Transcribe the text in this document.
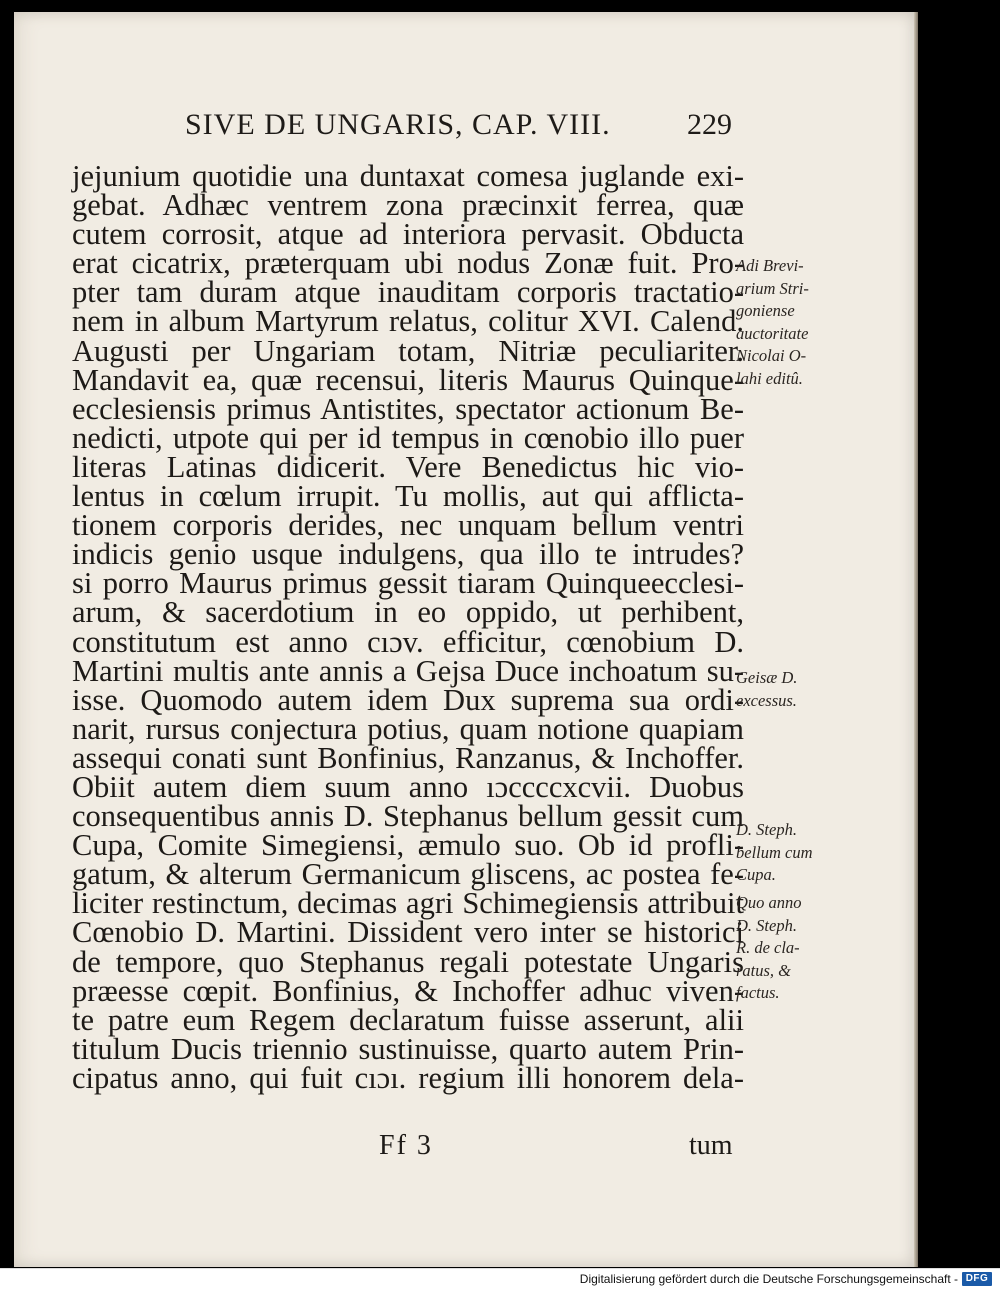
SIVE DE UNGARIS, CAP. VIII.	229
jejunium quotidie una duntaxat comesa juglande exi-
gebat. Adhæc ventrem zona præcinxit ferrea, quæ
cutem corrosit, atque ad interiora pervasit. Obducta
erat cicatrix, præterquam ubi nodus Zonæ fuit. Pro-
pter tam duram atque inauditam corporis tractatio-
nem in album Martyrum relatus, colitur XVI. Calend.
Augusti per Ungariam totam, Nitriæ peculiariter.
Mandavit ea, quæ recensui, literis Maurus Quinque-
ecclesiensis primus Antistites, spectator actionum Be-
nedicti, utpote qui per id tempus in cœnobio illo puer
literas Latinas didicerit. Vere Benedictus hic vio-
lentus in cœlum irrupit. Tu mollis, aut qui afflicta-
tionem corporis derides, nec unquam bellum ventri
indicis genio usque indulgens, qua illo te intrudes?
si porro Maurus primus gessit tiaram Quinqueecclesi-
arum, & sacerdotium in eo oppido, ut perhibent,
constitutum est anno cıɔv. efficitur, cœnobium D.
Martini multis ante annis a Gejsa Duce inchoatum su-
isse. Quomodo autem idem Dux suprema sua ordi-
narit, rursus conjectura potius, quam notione quapiam
assequi conati sunt Bonfinius, Ranzanus, & Inchoffer.
Obiit autem diem suum anno ıɔccccxcvii. Duobus
consequentibus annis D. Stephanus bellum gessit cum
Cupa, Comite Simegiensi, æmulo suo. Ob id profli-
gatum, & alterum Germanicum gliscens, ac postea fe-
liciter restinctum, decimas agri Schimegiensis attribuit
Cœnobio D. Martini. Dissident vero inter se historici
de tempore, quo Stephanus regali potestate Ungaris
præesse cœpit. Bonfinius, & Inchoffer adhuc viven-
te patre eum Regem declaratum fuisse asserunt, alii
titulum Ducis triennio sustinuisse, quarto autem Prin-
cipatus anno, qui fuit cıɔı. regium illi honorem dela-
Adi Brevi-
arium Stri-
goniense
auctoritate
Nicolai O-
lahi editû.
Geisæ D.
excessus.
D. Steph.
bellum cum
Cupa.
Quo anno
D. Steph.
R. de cla-
ratus, &
factus.
Ff 3	tum
Digitalisierung gefördert durch die Deutsche Forschungsgemeinschaft - DFG
